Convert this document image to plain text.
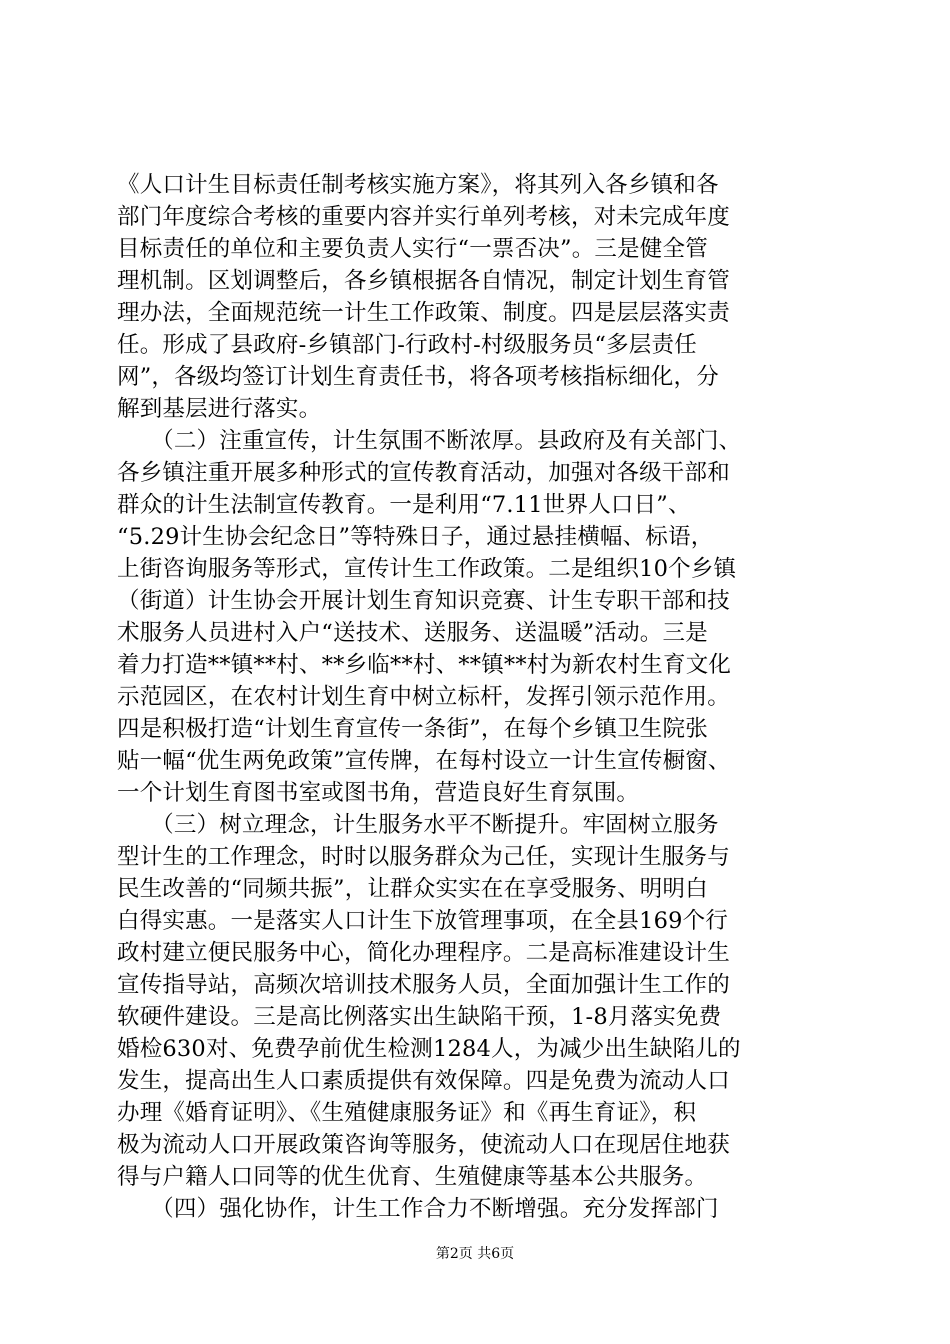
《人口计生目标责任制考核实施方案》，将其列入各乡镇和各
部门年度综合考核的重要内容并实行单列考核，对未完成年度
目标责任的单位和主要负责人实行“一票否决”。三是健全管
理机制。区划调整后，各乡镇根据各自情况，制定计划生育管
理办法，全面规范统一计生工作政策、制度。四是层层落实责
任。形成了县政府-乡镇部门-行政村-村级服务员“多层责任
网”，各级均签订计划生育责任书，将各项考核指标细化，分
解到基层进行落实。
　　（二）注重宣传，计生氛围不断浓厚。县政府及有关部门、
各乡镇注重开展多种形式的宣传教育活动，加强对各级干部和
群众的计生法制宣传教育。一是利用“7.11世界人口日”、
“5.29计生协会纪念日”等特殊日子，通过悬挂横幅、标语，
上街咨询服务等形式，宣传计生工作政策。二是组织10个乡镇
（街道）计生协会开展计划生育知识竞赛、计生专职干部和技
术服务人员进村入户“送技术、送服务、送温暖”活动。三是
着力打造**镇**村、**乡临**村、**镇**村为新农村生育文化
示范园区，在农村计划生育中树立标杆，发挥引领示范作用。
四是积极打造“计划生育宣传一条街”，在每个乡镇卫生院张
贴一幅“优生两免政策”宣传牌，在每村设立一计生宣传橱窗、
一个计划生育图书室或图书角，营造良好生育氛围。
　　（三）树立理念，计生服务水平不断提升。牢固树立服务
型计生的工作理念，时时以服务群众为己任，实现计生服务与
民生改善的“同频共振”，让群众实实在在享受服务、明明白
白得实惠。一是落实人口计生下放管理事项，在全县169个行
政村建立便民服务中心，简化办理程序。二是高标准建设计生
宣传指导站，高频次培训技术服务人员，全面加强计生工作的
软硬件建设。三是高比例落实出生缺陷干预，1-8月落实免费
婚检630对、免费孕前优生检测1284人，为减少出生缺陷儿的
发生，提高出生人口素质提供有效保障。四是免费为流动人口
办理《婚育证明》、《生殖健康服务证》和《再生育证》，积
极为流动人口开展政策咨询等服务，使流动人口在现居住地获
得与户籍人口同等的优生优育、生殖健康等基本公共服务。
　　（四）强化协作，计生工作合力不断增强。充分发挥部门
第2页 共6页
